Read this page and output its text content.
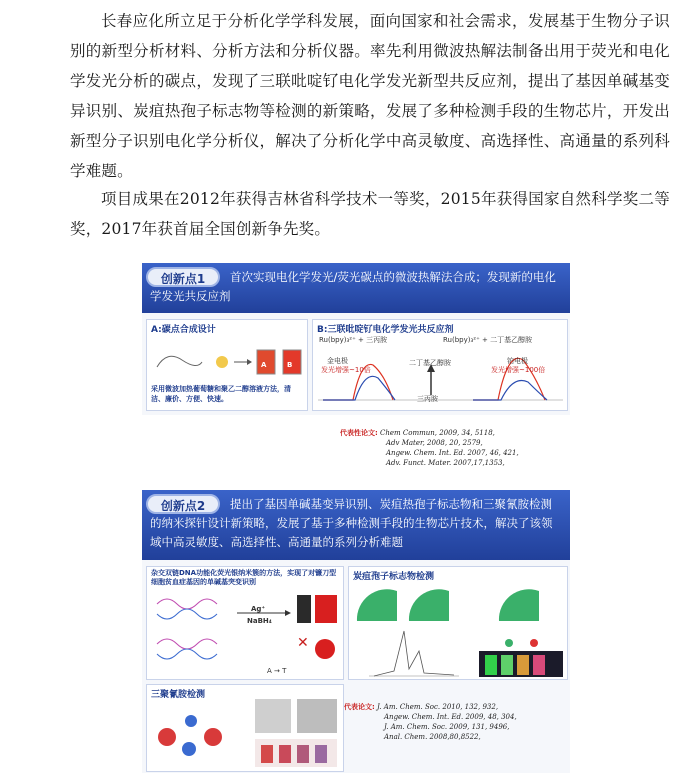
长春应化所立足于分析化学学科发展，面向国家和社会需求，发展基于生物分子识别的新型分析材料、分析方法和分析仪器。率先利用微波热解法制备出用于荧光和电化学发光分析的碳点，发现了三联吡啶钌电化学发光新型共反应剂，提出了基因单碱基变异识别、炭疽热孢子标志物等检测的新策略，发展了多种检测手段的生物芯片，开发出新型分子识别电化学分析仪，解决了分析化学中高灵敏度、高选择性、高通量的系列科学难题。

项目成果在2012年获得吉林省科学技术一等奖，2015年获得国家自然科学奖二等奖，2017年获首届全国创新争先奖。

创新点1	首次实现电化学发光/荧光碳点的微波热解法合成；发现新的电化学发光共反应剂
A:碳点合成设计
A	B
采用微波加热葡萄糖和聚乙二醇溶液方法，清洁、廉价、方便、快速。
B:三联吡啶钌电化学发光共反应剂
Ru(bpy)₃²⁺ + 三丙胺	Ru(bpy)₃²⁺ + 二丁基乙醇胺
金电极
发光增强~10倍
铂电极
发光增强~100倍
二丁基乙醇胺
三丙胺
代表性论文: Chem Commun, 2009, 34, 5118,
Adv Mater, 2008, 20, 2579,
Angew. Chem. Int. Ed. 2007, 46, 421,
Adv. Funct. Mater. 2007,17,1353,
创新点2	提出了基因单碱基变异识别、炭疽热孢子标志物和三聚氰胺检测的纳米探针设计新策略，发展了基于多种检测手段的生物芯片技术，解决了该领域中高灵敏度、高选择性、高通量的系列分析难题
杂交双链DNA功能化荧光银纳米簇的方法，实现了对镰刀型细胞贫血症基因的单碱基突变识别
Ag⁺
NaBH₄
✕
A → T
炭疽孢子标志物检测
三聚氰胺检测
代表论文: J. Am. Chem. Soc. 2010, 132, 932,
Angew. Chem. Int. Ed. 2009, 48, 304,
J. Am. Chem. Soc. 2009, 131, 9496,
Anal. Chem. 2008,80,8522,
